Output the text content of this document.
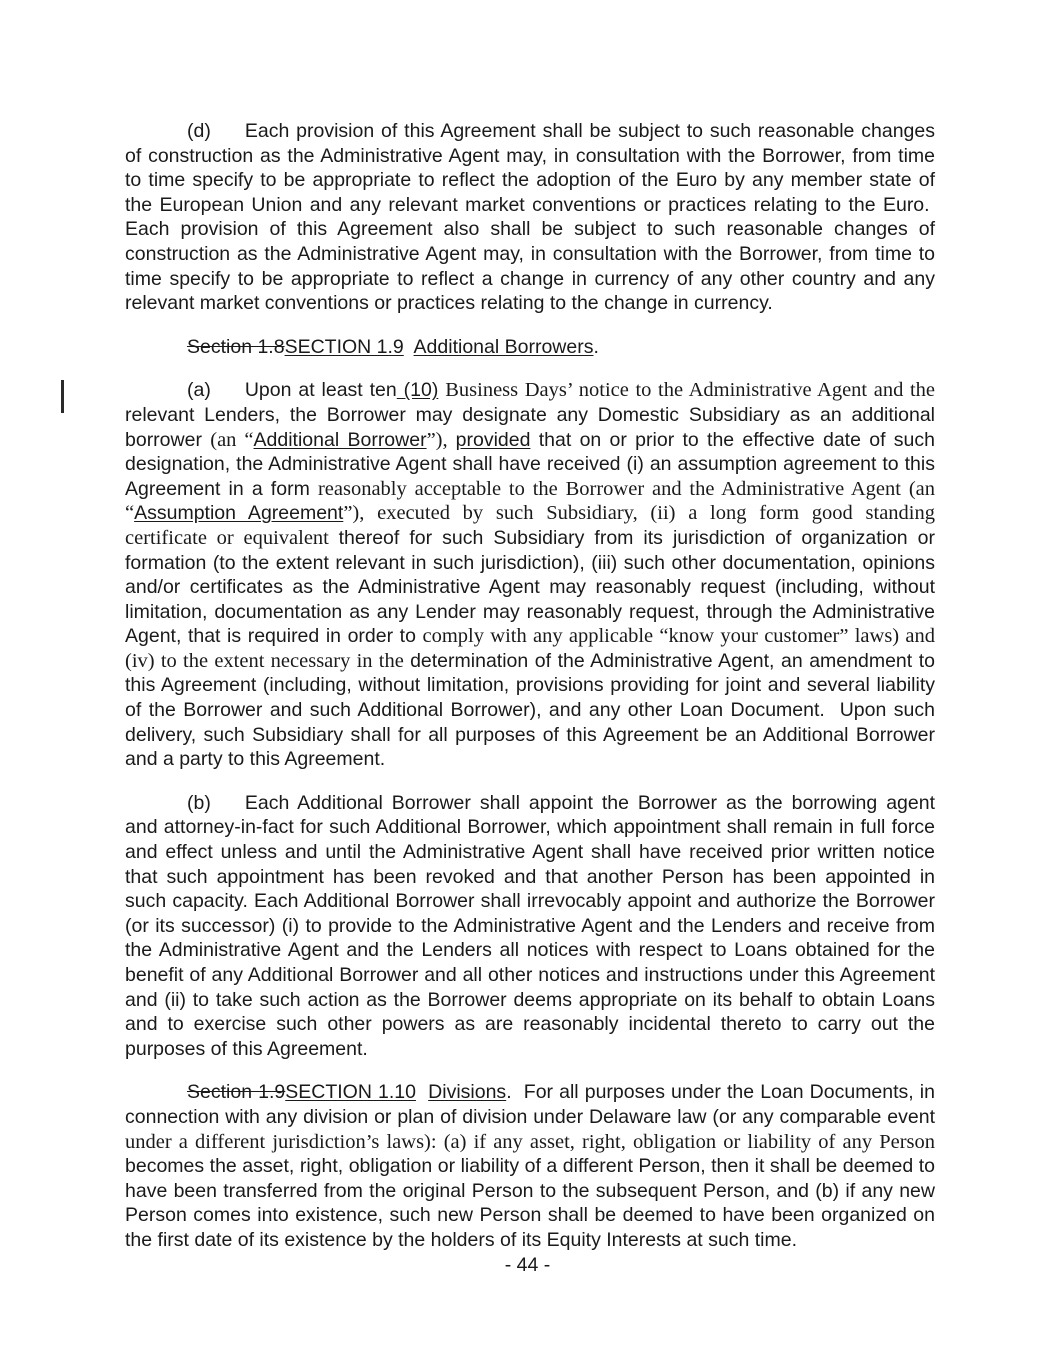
(d) Each provision of this Agreement shall be subject to such reasonable changes of construction as the Administrative Agent may, in consultation with the Borrower, from time to time specify to be appropriate to reflect the adoption of the Euro by any member state of the European Union and any relevant market conventions or practices relating to the Euro.  Each provision of this Agreement also shall be subject to such reasonable changes of construction as the Administrative Agent may, in consultation with the Borrower, from time to time specify to be appropriate to reflect a change in currency of any other country and any relevant market conventions or practices relating to the change in currency.

Section 1.8SECTION 1.9 Additional Borrowers.

(a) Upon at least ten (10) Business Days’ notice to the Administrative Agent and the relevant Lenders, the Borrower may designate any Domestic Subsidiary as an additional borrower (an “Additional Borrower”), provided that on or prior to the effective date of such designation, the Administrative Agent shall have received (i) an assumption agreement to this Agreement in a form reasonably acceptable to the Borrower and the Administrative Agent (an “Assumption Agreement”), executed by such Subsidiary, (ii) a long form good standing certificate or equivalent thereof for such Subsidiary from its jurisdiction of organization or formation (to the extent relevant in such jurisdiction), (iii) such other documentation, opinions and/or certificates as the Administrative Agent may reasonably request (including, without limitation, documentation as any Lender may reasonably request, through the Administrative Agent, that is required in order to comply with any applicable “know your customer” laws) and (iv) to the extent necessary in the determination of the Administrative Agent, an amendment to this Agreement (including, without limitation, provisions providing for joint and several liability of the Borrower and such Additional Borrower), and any other Loan Document.  Upon such delivery, such Subsidiary shall for all purposes of this Agreement be an Additional Borrower and a party to this Agreement.

(b) Each Additional Borrower shall appoint the Borrower as the borrowing agent and attorney-in-fact for such Additional Borrower, which appointment shall remain in full force and effect unless and until the Administrative Agent shall have received prior written notice that such appointment has been revoked and that another Person has been appointed in such capacity. Each Additional Borrower shall irrevocably appoint and authorize the Borrower (or its successor) (i) to provide to the Administrative Agent and the Lenders and receive from the Administrative Agent and the Lenders all notices with respect to Loans obtained for the benefit of any Additional Borrower and all other notices and instructions under this Agreement and (ii) to take such action as the Borrower deems appropriate on its behalf to obtain Loans and to exercise such other powers as are reasonably incidental thereto to carry out the purposes of this Agreement.

Section 1.9SECTION 1.10 Divisions.  For all purposes under the Loan Documents, in connection with any division or plan of division under Delaware law (or any comparable event under a different jurisdiction’s laws): (a) if any asset, right, obligation or liability of any Person becomes the asset, right, obligation or liability of a different Person, then it shall be deemed to have been transferred from the original Person to the subsequent Person, and (b) if any new Person comes into existence, such new Person shall be deemed to have been organized on the first date of its existence by the holders of its Equity Interests at such time.

- 44 -
